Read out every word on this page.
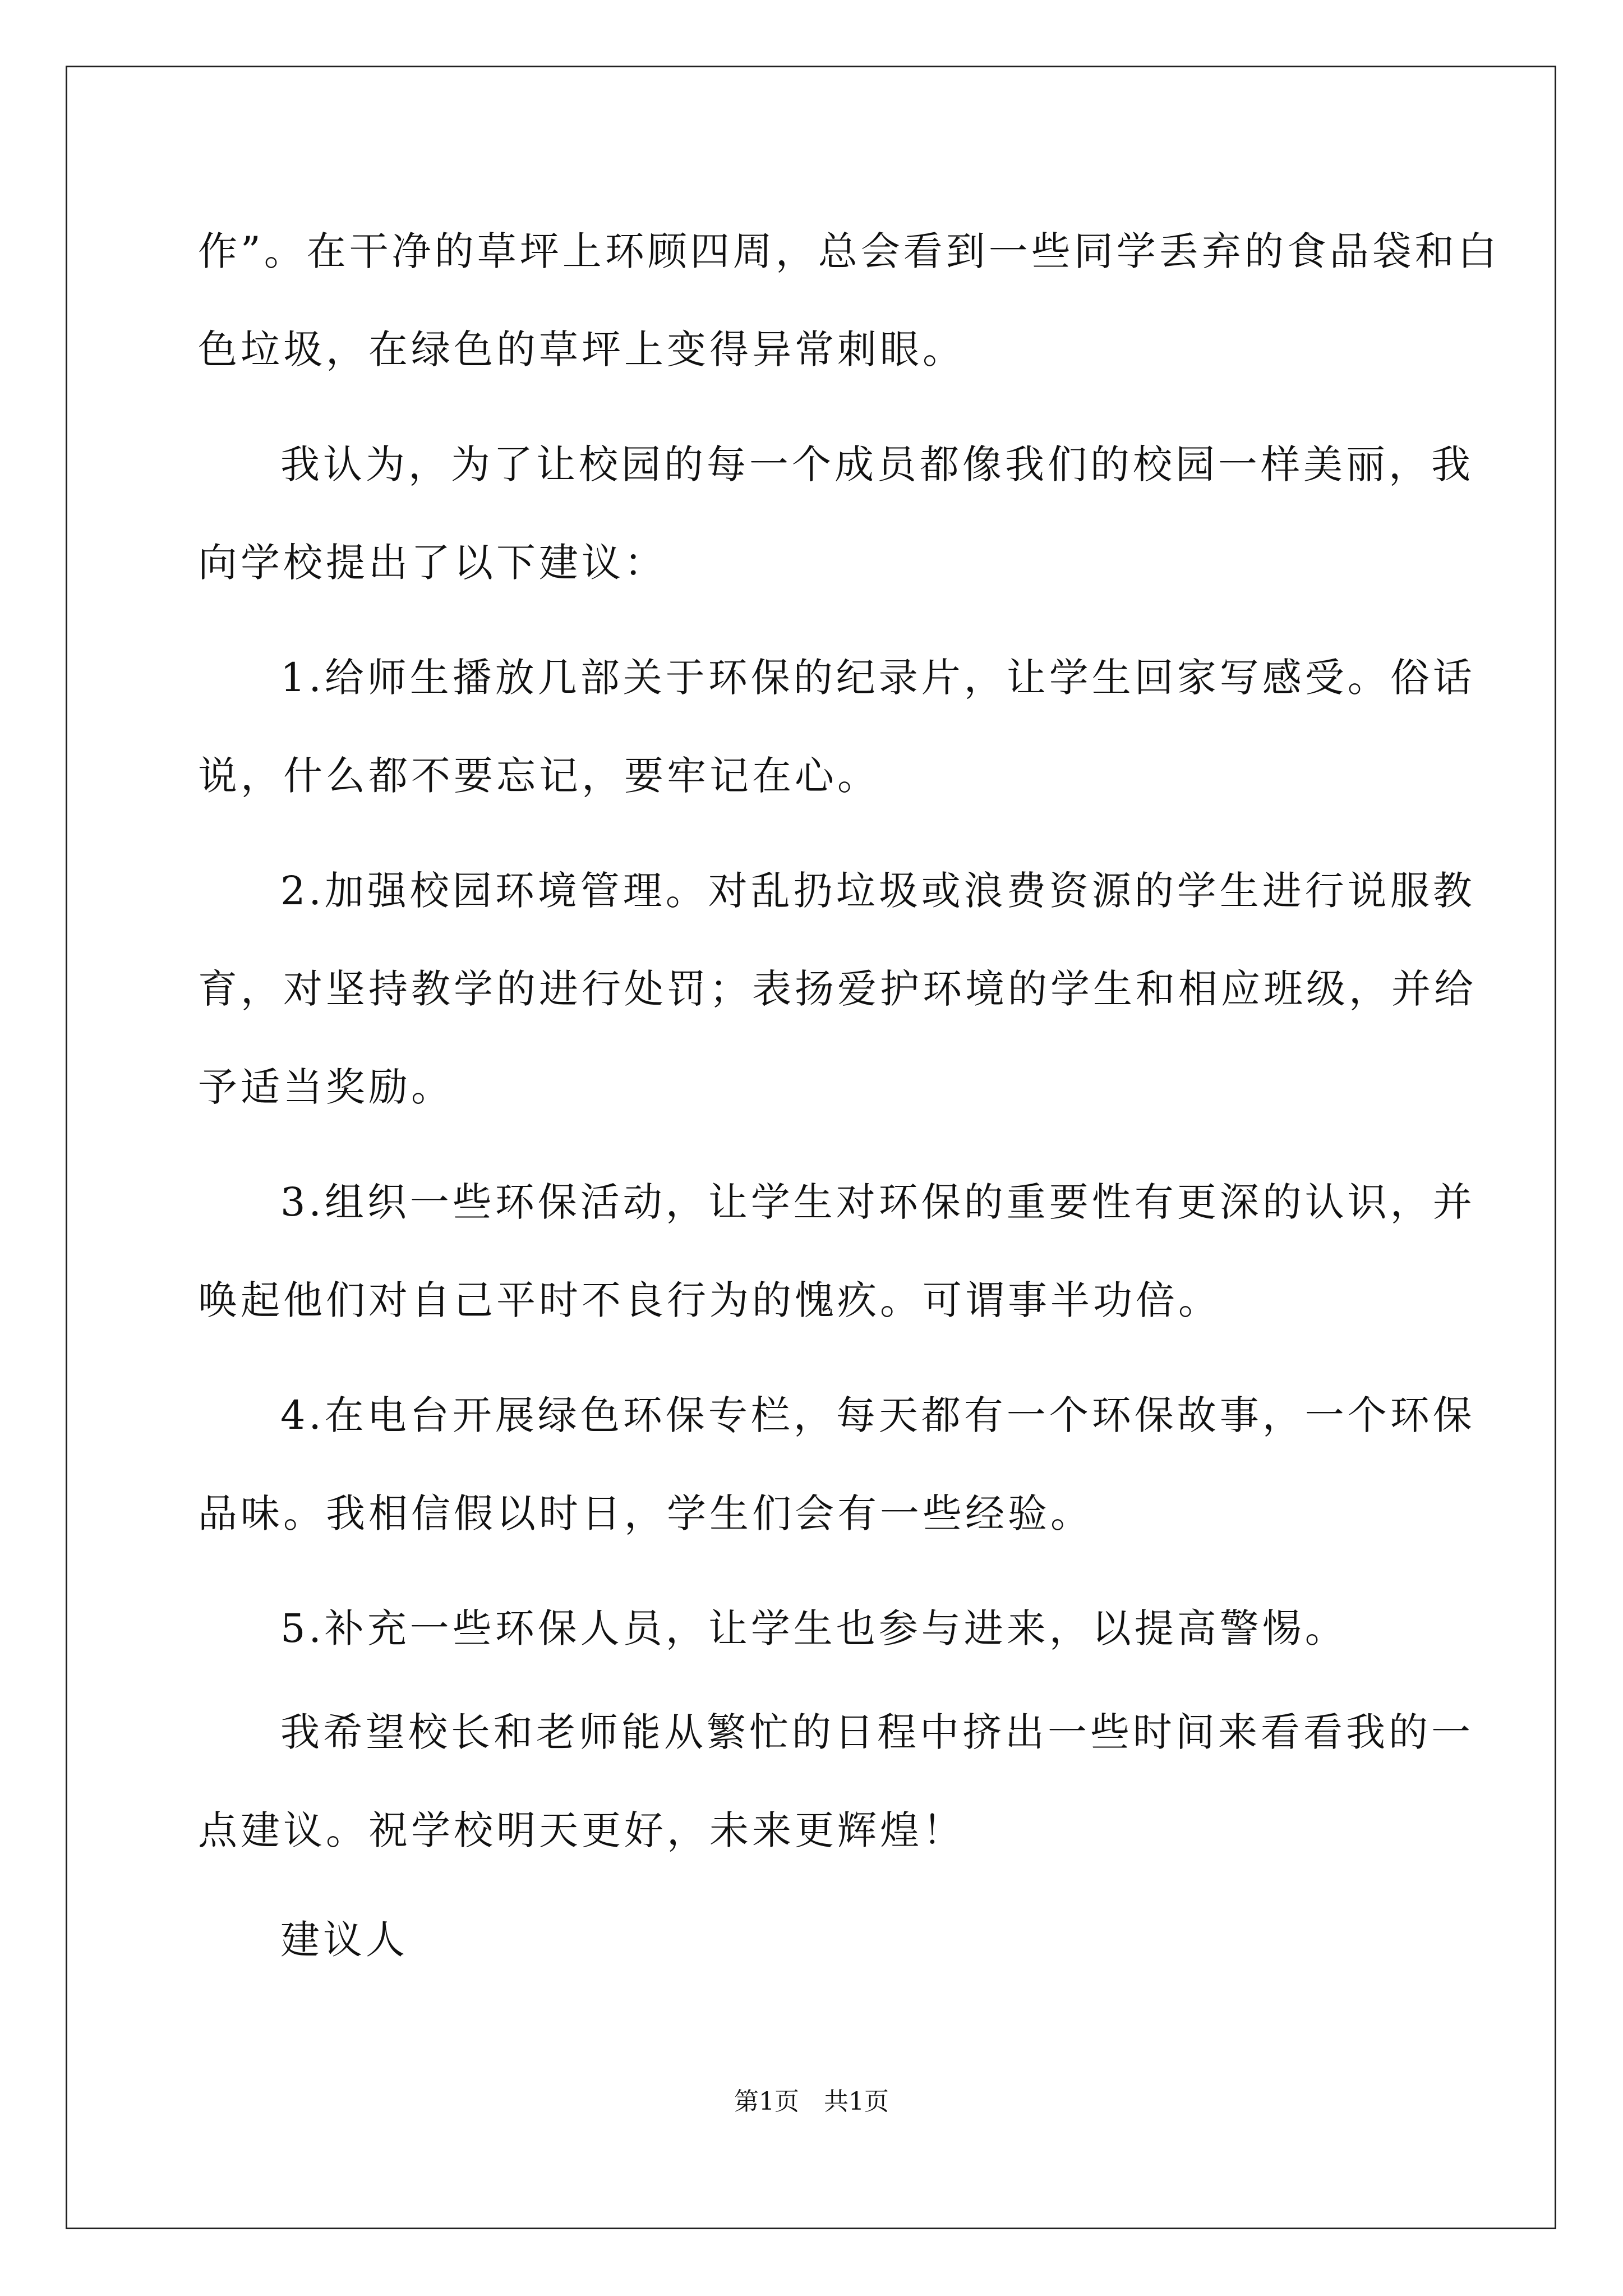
作”。在干净的草坪上环顾四周，总会看到一些同学丢弃的食品袋和白
色垃圾，在绿色的草坪上变得异常刺眼。
我认为，为了让校园的每一个成员都像我们的校园一样美丽，我
向学校提出了以下建议：
1.给师生播放几部关于环保的纪录片，让学生回家写感受。俗话
说，什么都不要忘记，要牢记在心。
2.加强校园环境管理。对乱扔垃圾或浪费资源的学生进行说服教
育，对坚持教学的进行处罚；表扬爱护环境的学生和相应班级，并给
予适当奖励。
3.组织一些环保活动，让学生对环保的重要性有更深的认识，并
唤起他们对自己平时不良行为的愧疚。可谓事半功倍。
4.在电台开展绿色环保专栏，每天都有一个环保故事，一个环保
品味。我相信假以时日，学生们会有一些经验。
5.补充一些环保人员，让学生也参与进来，以提高警惕。
我希望校长和老师能从繁忙的日程中挤出一些时间来看看我的一
点建议。祝学校明天更好，未来更辉煌！
建议人
第1页　共1页
